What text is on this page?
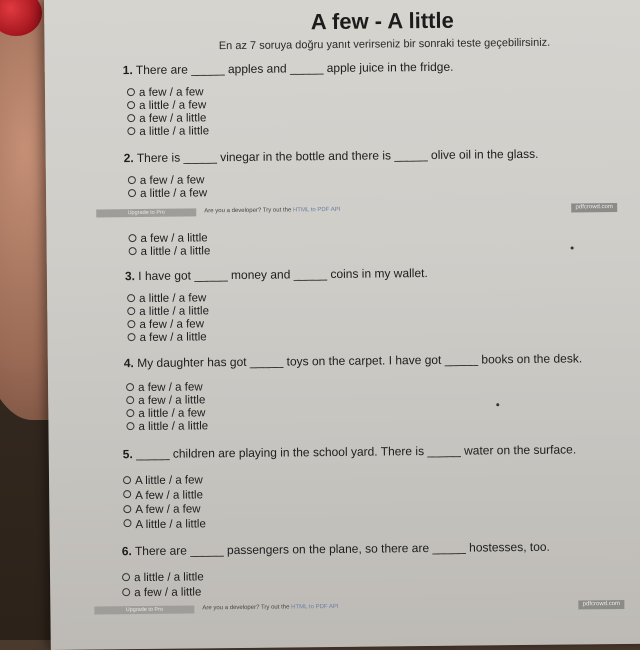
A few - A little
En az 7 soruya doğru yanıt verirseniz bir sonraki teste geçebilirsiniz.
1. There are _____ apples and _____ apple juice in the fridge.
a few / a few
a little / a few
a few / a little
a little / a little
2. There is _____ vinegar in the bottle and there is _____ olive oil in the glass.
a few / a few
a little / a few
Upgrade to Pro	Are you a developer? Try out the HTML to PDF API	pdfcrowd.com
a few / a little
a little / a little
3. I have got _____ money and _____ coins in my wallet.
a little / a few
a little / a little
a few / a few
a few / a little
4. My daughter has got _____ toys on the carpet. I have got _____ books on the desk.
a few / a few
a few / a little
a little / a few
a little / a little
5. _____ children are playing in the school yard. There is _____ water on the surface.
A little / a few
A few / a little
A few / a few
A little / a little
6. There are _____ passengers on the plane, so there are _____ hostesses, too.
a little / a little
a few / a little
Upgrade to Pro	Are you a developer? Try out the HTML to PDF API	pdfcrowd.com
